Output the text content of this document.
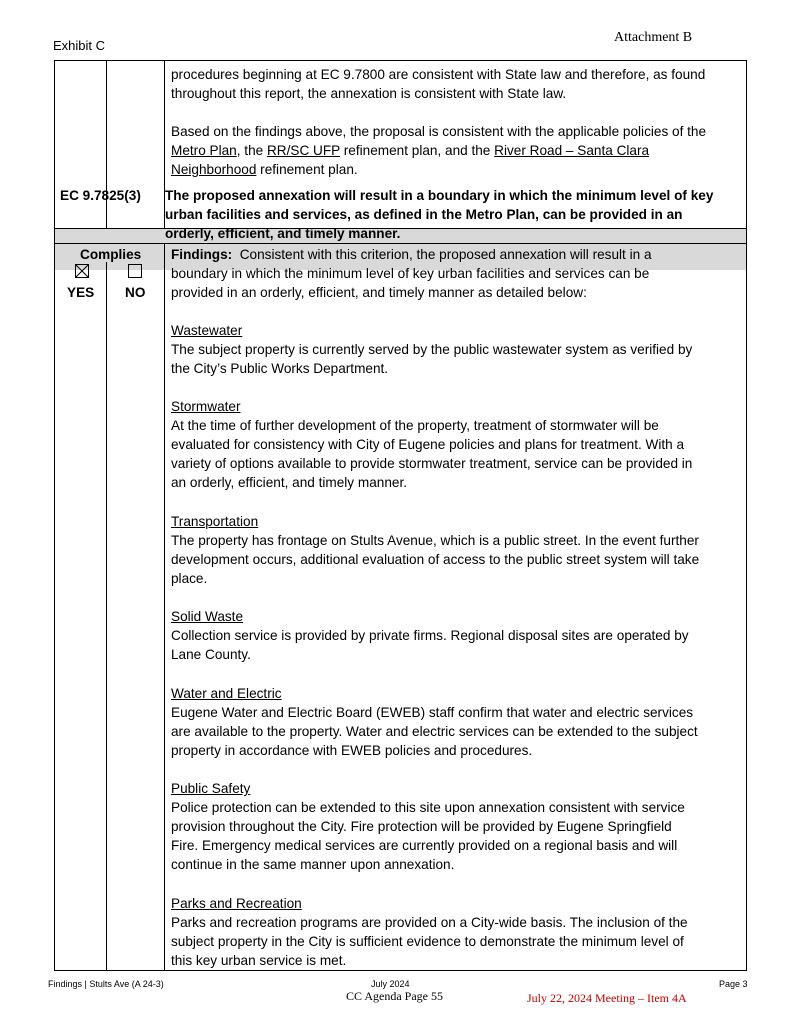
Exhibit C
Attachment B
procedures beginning at EC 9.7800 are consistent with State law and therefore, as found
throughout this report, the annexation is consistent with State law.
Based on the findings above, the proposal is consistent with the applicable policies of the
Metro Plan, the RR/SC UFP refinement plan, and the River Road – Santa Clara
Neighborhood refinement plan.
EC 9.7825(3) The proposed annexation will result in a boundary in which the minimum level of key
urban facilities and services, as defined in the Metro Plan, can be provided in an
orderly, efficient, and timely manner.
Complies
YES NO
Findings:  Consistent with this criterion, the proposed annexation will result in a
boundary in which the minimum level of key urban facilities and services can be
provided in an orderly, efficient, and timely manner as detailed below:
Wastewater
The subject property is currently served by the public wastewater system as verified by
the City’s Public Works Department.
Stormwater
At the time of further development of the property, treatment of stormwater will be
evaluated for consistency with City of Eugene policies and plans for treatment. With a
variety of options available to provide stormwater treatment, service can be provided in
an orderly, efficient, and timely manner.
Transportation
The property has frontage on Stults Avenue, which is a public street. In the event further
development occurs, additional evaluation of access to the public street system will take
place.
Solid Waste
Collection service is provided by private firms. Regional disposal sites are operated by
Lane County.
Water and Electric
Eugene Water and Electric Board (EWEB) staff confirm that water and electric services
are available to the property. Water and electric services can be extended to the subject
property in accordance with EWEB policies and procedures.
Public Safety
Police protection can be extended to this site upon annexation consistent with service
provision throughout the City. Fire protection will be provided by Eugene Springfield
Fire. Emergency medical services are currently provided on a regional basis and will
continue in the same manner upon annexation.
Parks and Recreation
Parks and recreation programs are provided on a City-wide basis. The inclusion of the
subject property in the City is sufficient evidence to demonstrate the minimum level of
this key urban service is met.
Findings | Stults Ave (A 24-3)	July 2024	Page 3
CC Agenda Page 55	July 22, 2024 Meeting – Item 4A
